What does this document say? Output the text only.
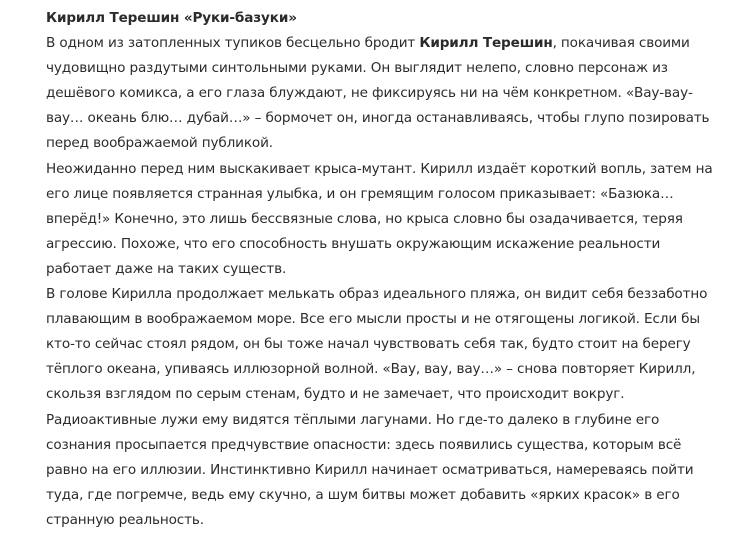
Кирилл Терешин «Руки-базуки»

В одном из затопленных тупиков бесцельно бродит Кирилл Терешин, покачивая своими чудовищно раздутыми синтольными руками. Он выглядит нелепо, словно персонаж из дешёвого комикса, а его глаза блуждают, не фиксируясь ни на чём конкретном. «Вау-вау-вау… океань блю… дубай…» – бормочет он, иногда останавливаясь, чтобы глупо позировать перед воображаемой публикой.

Неожиданно перед ним выскакивает крыса-мутант. Кирилл издаёт короткий вопль, затем на его лице появляется странная улыбка, и он гремящим голосом приказывает: «Базюка… вперёд!» Конечно, это лишь бессвязные слова, но крыса словно бы озадачивается, теряя агрессию. Похоже, что его способность внушать окружающим искажение реальности работает даже на таких существ.

В голове Кирилла продолжает мелькать образ идеального пляжа, он видит себя беззаботно плавающим в воображаемом море. Все его мысли просты и не отягощены логикой. Если бы кто-то сейчас стоял рядом, он бы тоже начал чувствовать себя так, будто стоит на берегу тёплого океана, упиваясь иллюзорной волной. «Вау, вау, вау…» – снова повторяет Кирилл, скользя взглядом по серым стенам, будто и не замечает, что происходит вокруг. Радиоактивные лужи ему видятся тёплыми лагунами. Но где-то далеко в глубине его сознания просыпается предчувствие опасности: здесь появились существа, которым всё равно на его иллюзии. Инстинктивно Кирилл начинает осматриваться, намереваясь пойти туда, где погремче, ведь ему скучно, а шум битвы может добавить «ярких красок» в его странную реальность.
